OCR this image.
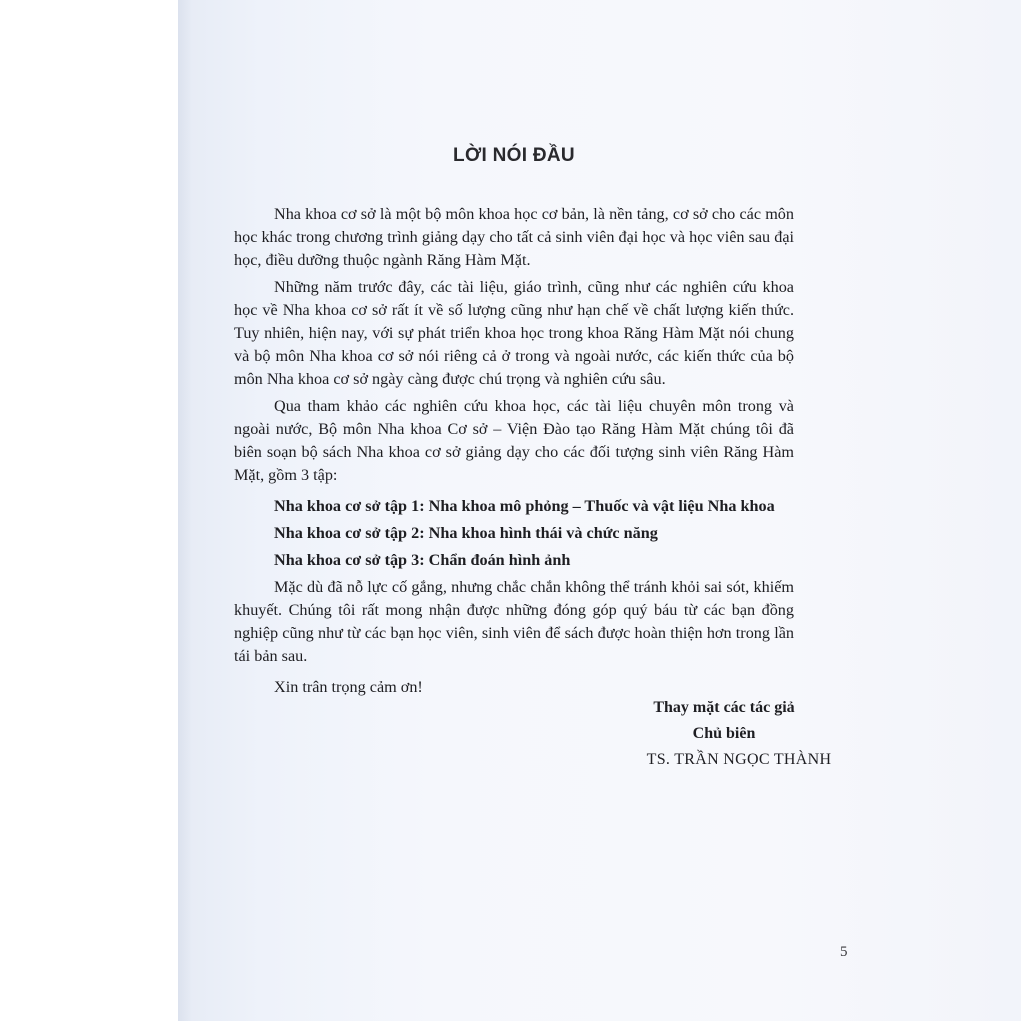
LỜI NÓI ĐẦU

Nha khoa cơ sở là một bộ môn khoa học cơ bản, là nền tảng, cơ sở cho các môn học khác trong chương trình giảng dạy cho tất cả sinh viên đại học và học viên sau đại học, điều dưỡng thuộc ngành Răng Hàm Mặt.

Những năm trước đây, các tài liệu, giáo trình, cũng như các nghiên cứu khoa học về Nha khoa cơ sở rất ít về số lượng cũng như hạn chế về chất lượng kiến thức. Tuy nhiên, hiện nay, với sự phát triển khoa học trong khoa Răng Hàm Mặt nói chung và bộ môn Nha khoa cơ sở nói riêng cả ở trong và ngoài nước, các kiến thức của bộ môn Nha khoa cơ sở ngày càng được chú trọng và nghiên cứu sâu.

Qua tham khảo các nghiên cứu khoa học, các tài liệu chuyên môn trong và ngoài nước, Bộ môn Nha khoa Cơ sở – Viện Đào tạo Răng Hàm Mặt chúng tôi đã biên soạn bộ sách Nha khoa cơ sở giảng dạy cho các đối tượng sinh viên Răng Hàm Mặt, gồm 3 tập:

Nha khoa cơ sở tập 1: Nha khoa mô phỏng – Thuốc và vật liệu Nha khoa

Nha khoa cơ sở tập 2: Nha khoa hình thái và chức năng

Nha khoa cơ sở tập 3: Chẩn đoán hình ảnh

Mặc dù đã nỗ lực cố gắng, nhưng chắc chắn không thể tránh khỏi sai sót, khiếm khuyết. Chúng tôi rất mong nhận được những đóng góp quý báu từ các bạn đồng nghiệp cũng như từ các bạn học viên, sinh viên để sách được hoàn thiện hơn trong lần tái bản sau.

Xin trân trọng cảm ơn!

Thay mặt các tác giả
Chủ biên
TS. TRẦN NGỌC THÀNH
5
